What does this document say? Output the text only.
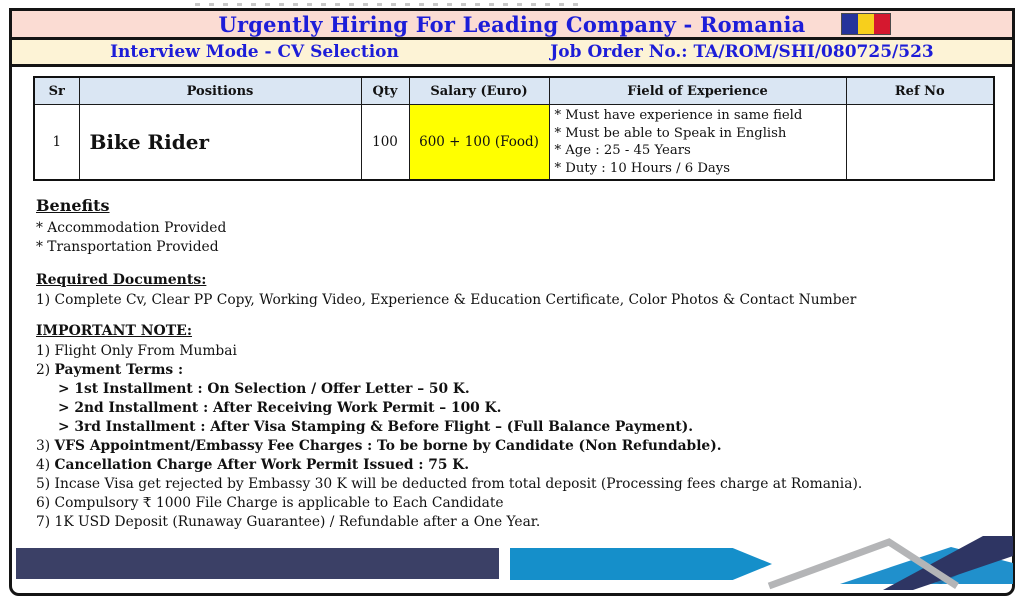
Urgently Hiring For Leading Company - Romania
Interview Mode - CV Selection	Job Order No.: TA/ROM/SHI/080725/523
Sr	Positions	Qty	Salary (Euro)	Field of Experience	Ref No
1	Bike Rider	100	600 + 100 (Food)	* Must have experience in same field
* Must be able to Speak in English
* Age : 25 - 45 Years
* Duty : 10 Hours / 6 Days	

Benefits
* Accommodation Provided
* Transportation Provided
Required Documents:
1) Complete Cv, Clear PP Copy, Working Video, Experience & Education Certificate, Color Photos & Contact Number
IMPORTANT NOTE:
1) Flight Only From Mumbai
2) Payment Terms :
> 1st Installment : On Selection / Offer Letter – 50 K.
> 2nd Installment : After Receiving Work Permit – 100 K.
> 3rd Installment : After Visa Stamping & Before Flight – (Full Balance Payment).
3) VFS Appointment/Embassy Fee Charges : To be borne by Candidate (Non Refundable).
4) Cancellation Charge After Work Permit Issued : 75 K.
5) Incase Visa get rejected by Embassy 30 K will be deducted from total deposit (Processing fees charge at Romania).
6) Compulsory ₹ 1000 File Charge is applicable to Each Candidate
7) 1K USD Deposit (Runaway Guarantee) / Refundable after a One Year.
